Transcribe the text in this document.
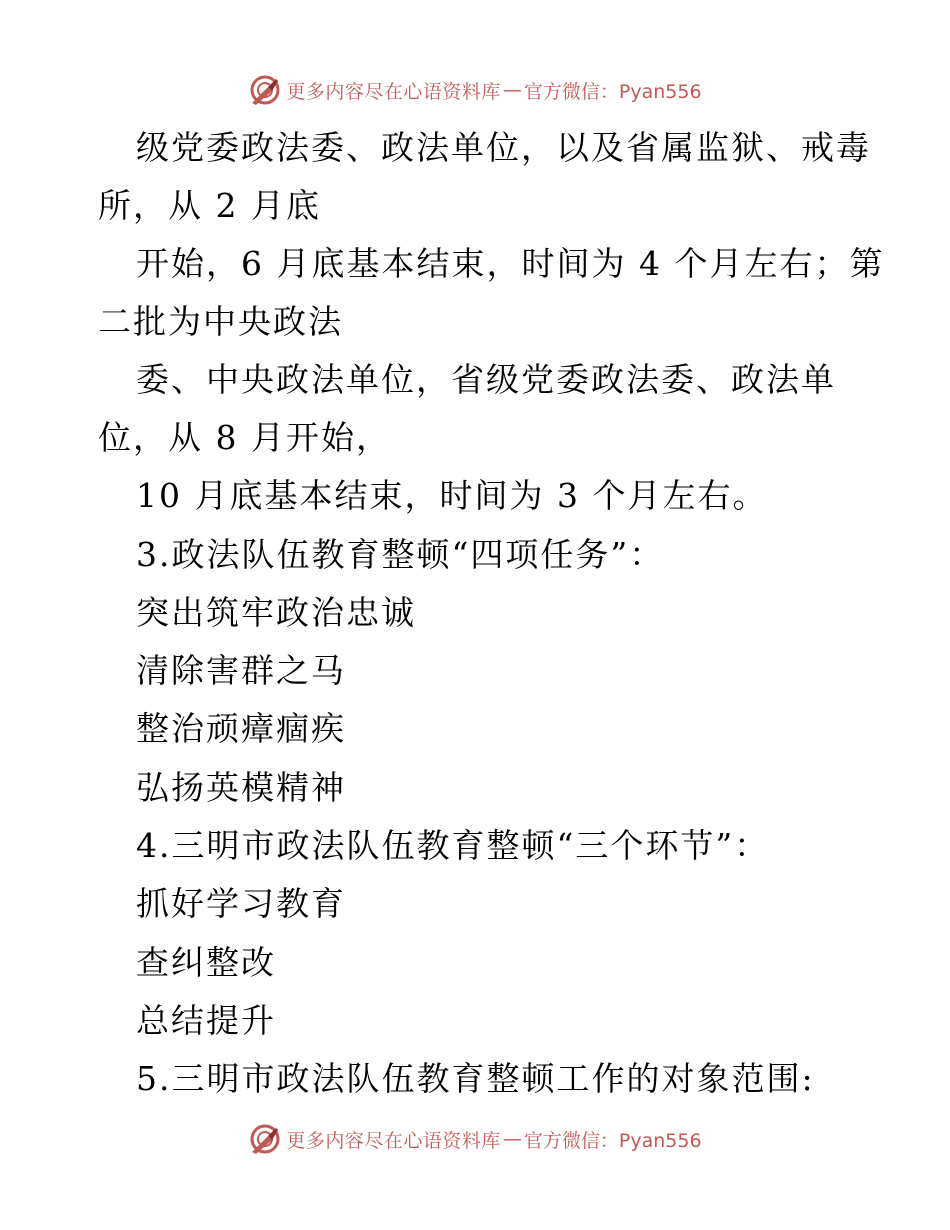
更多内容尽在心语资料库 — 官方微信：Pyan556
级党委政法委、政法单位，以及省属监狱、戒毒
所，从 2 月底
开始，6 月底基本结束，时间为 4 个月左右；第
二批为中央政法
委、中央政法单位，省级党委政法委、政法单
位，从 8 月开始，
10 月底基本结束，时间为 3 个月左右。
3.政法队伍教育整顿“四项任务”：
突出筑牢政治忠诚
清除害群之马
整治顽瘴痼疾
弘扬英模精神
4.三明市政法队伍教育整顿“三个环节”：
抓好学习教育
查纠整改
总结提升
5.三明市政法队伍教育整顿工作的对象范围:
更多内容尽在心语资料库 — 官方微信：Pyan556
